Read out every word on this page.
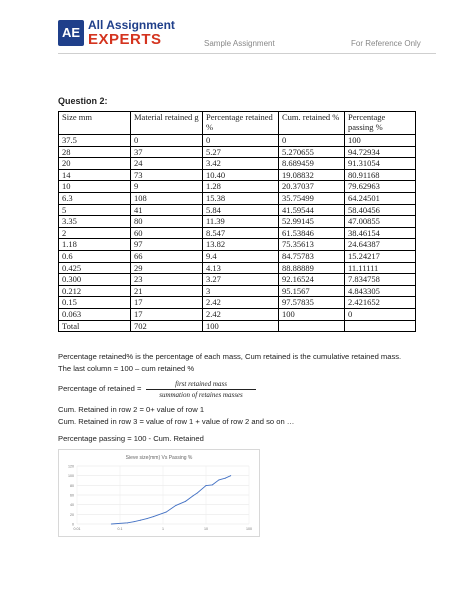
AE All Assignment
EXPERTS	Sample Assignment	For Reference Only
Question 2:
Size mm	Material retained g	Percentage retained %	Cum. retained %	Percentage passing %
37.5	0	0	0	100
28	37	5.27	5.270655	94.72934
20	24	3.42	8.689459	91.31054
14	73	10.40	19.08832	80.91168
10	9	1.28	20.37037	79.62963
6.3	108	15.38	35.75499	64.24501
5	41	5.84	41.59544	58.40456
3.35	80	11.39	52.99145	47.00855
2	60	8.547	61.53846	38.46154
1.18	97	13.82	75.35613	24.64387
0.6	66	9.4	84.75783	15.24217
0.425	29	4.13	88.88889	11.11111
0.300	23	3.27	92.16524	7.834758
0.212	21	3	95.1567	4.843305
0.15	17	2.42	97.57835	2.421652
0.063	17	2.42	100	0
Total	702	100		
Percentage retained% is the percentage of each mass, Cum retained is the cumulative retained mass.
The last column = 100 – cum retained %
Percentage of retained =	first retained mass
summation of retaines masses
Cum. Retained in row 2 = 0+ value of row 1
Cum. Retained in row 3 = value of row 1 + value of row 2 and so on …
Percentage passing = 100 - Cum. Retained
Sieve size(mm) Vs Passing %
0
20
40
60
80
100
120
0.01	0.1	1	10	100
